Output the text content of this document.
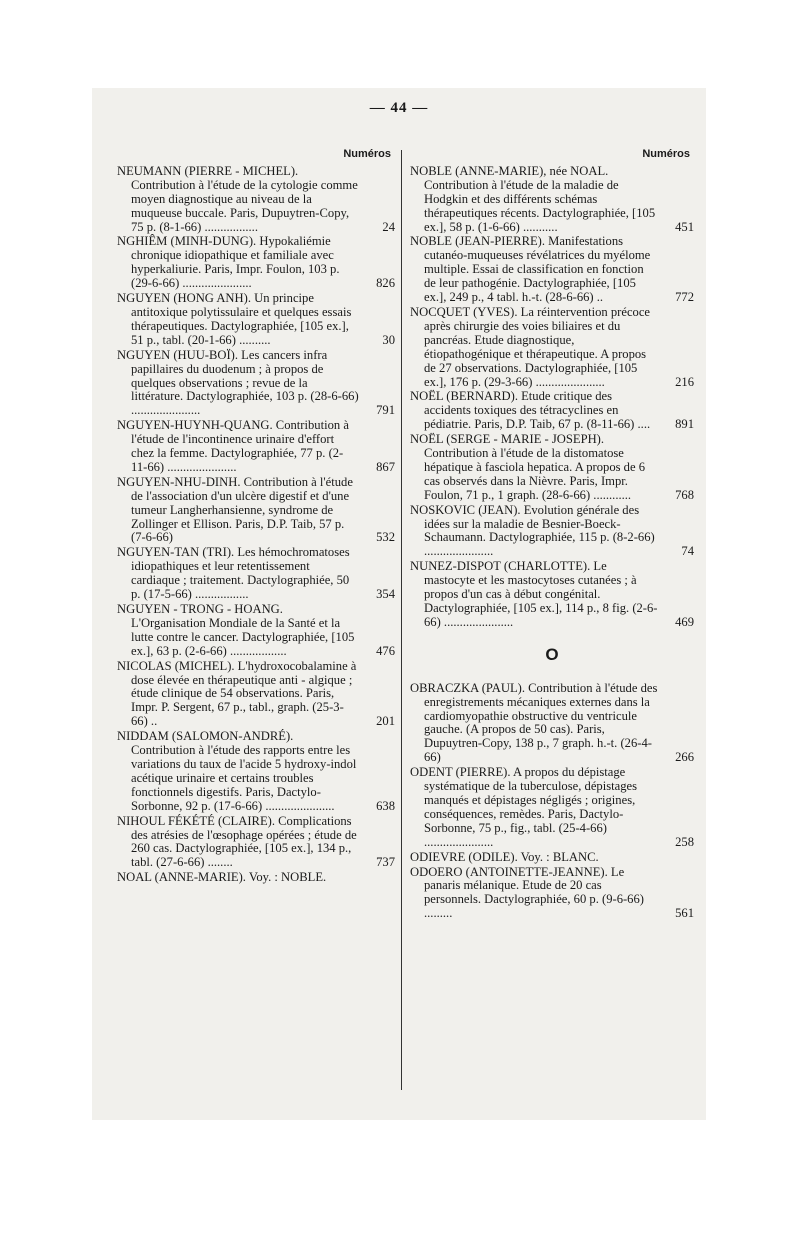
— 44 —
Numéros
NEUMANN (PIERRE - MICHEL). Contribution à l'étude de la cytologie comme moyen diagnostique au niveau de la muqueuse buccale. Paris, Dupuytren-Copy, 75 p. (8-1-66) .................	24
NGHIÊM (MINH-DUNG). Hypokaliémie chronique idiopathique et familiale avec hyperkaliurie. Paris, Impr. Foulon, 103 p. (29-6-66) ......................	826
NGUYEN (HONG ANH). Un principe antitoxique polytissulaire et quelques essais thérapeutiques. Dactylographiée, [105 ex.], 51 p., tabl. (20-1-66) ..........	30
NGUYEN (HUU-BOÏ). Les cancers infra papillaires du duodenum ; à propos de quelques observations ; revue de la littérature. Dactylographiée, 103 p. (28-6-66) ......................	791
NGUYEN-HUYNH-QUANG. Contribution à l'étude de l'incontinence urinaire d'effort chez la femme. Dactylographiée, 77 p. (2-11-66) ......................	867
NGUYEN-NHU-DINH. Contribution à l'étude de l'association d'un ulcère digestif et d'une tumeur Langherhansienne, syndrome de Zollinger et Ellison. Paris, D.P. Taib, 57 p. (7-6-66)	532
NGUYEN-TAN (TRI). Les hémochromatoses idiopathiques et leur retentissement cardiaque ; traitement. Dactylographiée, 50 p. (17-5-66) .................	354
NGUYEN - TRONG - HOANG. L'Organisation Mondiale de la Santé et la lutte contre le cancer. Dactylographiée, [105 ex.], 63 p. (2-6-66) ..................	476
NICOLAS (MICHEL). L'hydroxocobalamine à dose élevée en thérapeutique anti - algique ; étude clinique de 54 observations. Paris, Impr. P. Sergent, 67 p., tabl., graph. (25-3-66) ..	201
NIDDAM (SALOMON-ANDRÉ). Contribution à l'étude des rapports entre les variations du taux de l'acide 5 hydroxy-indol acétique urinaire et certains troubles fonctionnels digestifs. Paris, Dactylo-Sorbonne, 92 p. (17-6-66) ......................	638
NIHOUL FÉKÉTÉ (CLAIRE). Complications des atrésies de l'œsophage opérées ; étude de 260 cas. Dactylographiée, [105 ex.], 134 p., tabl. (27-6-66) ........	737
NOAL (ANNE-MARIE). Voy. : NOBLE.
Numéros
NOBLE (ANNE-MARIE), née NOAL. Contribution à l'étude de la maladie de Hodgkin et des différents schémas thérapeutiques récents. Dactylographiée, [105 ex.], 58 p. (1-6-66) ...........	451
NOBLE (JEAN-PIERRE). Manifestations cutanéo-muqueuses révélatrices du myélome multiple. Essai de classification en fonction de leur pathogénie. Dactylographiée, [105 ex.], 249 p., 4 tabl. h.-t. (28-6-66) ..	772
NOCQUET (YVES). La réintervention précoce après chirurgie des voies biliaires et du pancréas. Etude diagnostique, étiopathogénique et thérapeutique. A propos de 27 observations. Dactylographiée, [105 ex.], 176 p. (29-3-66) ......................	216
NOËL (BERNARD). Etude critique des accidents toxiques des tétracyclines en pédiatrie. Paris, D.P. Taib, 67 p. (8-11-66) ....	891
NOËL (SERGE - MARIE - JOSEPH). Contribution à l'étude de la distomatose hépatique à fasciola hepatica. A propos de 6 cas observés dans la Nièvre. Paris, Impr. Foulon, 71 p., 1 graph. (28-6-66) ............	768
NOSKOVIC (JEAN). Evolution générale des idées sur la maladie de Besnier-Boeck-Schaumann. Dactylographiée, 115 p. (8-2-66) ......................	74
NUNEZ-DISPOT (CHARLOTTE). Le mastocyte et les mastocytoses cutanées ; à propos d'un cas à début congénital. Dactylographiée, [105 ex.], 114 p., 8 fig. (2-6-66) ......................	469
O
OBRACZKA (PAUL). Contribution à l'étude des enregistrements mécaniques externes dans la cardiomyopathie obstructive du ventricule gauche. (A propos de 50 cas). Paris, Dupuytren-Copy, 138 p., 7 graph. h.-t. (26-4-66)	266
ODENT (PIERRE). A propos du dépistage systématique de la tuberculose, dépistages manqués et dépistages négligés ; origines, conséquences, remèdes. Paris, Dactylo-Sorbonne, 75 p., fig., tabl. (25-4-66) ......................	258
ODIEVRE (ODILE). Voy. : BLANC.
ODOERO (ANTOINETTE-JEANNE). Le panaris mélanique. Etude de 20 cas personnels. Dactylographiée, 60 p. (9-6-66) .........	561
